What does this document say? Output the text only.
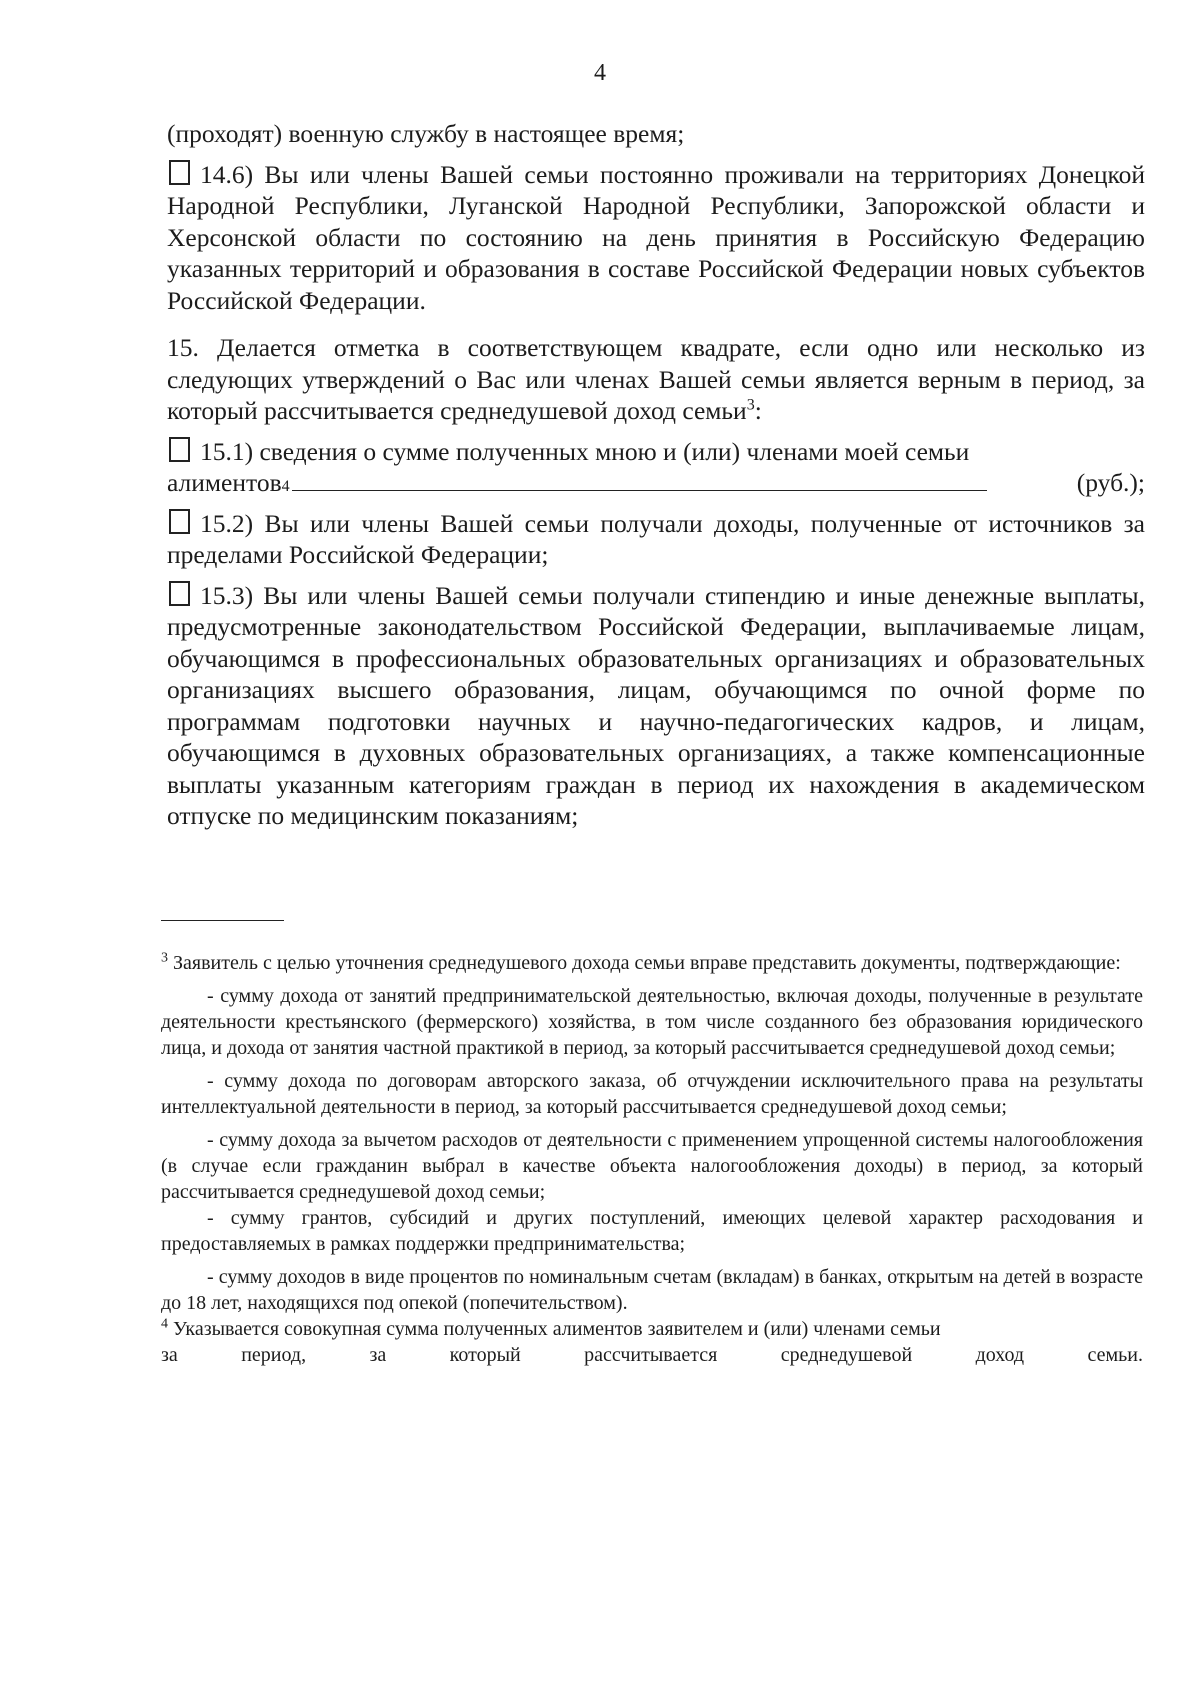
4

(проходят) военную службу в настоящее время;

14.6) Вы или члены Вашей семьи постоянно проживали на территориях Донецкой Народной Республики, Луганской Народной Республики, Запорожской области и Херсонской области по состоянию на день принятия в Российскую Федерацию указанных территорий и образования в составе Российской Федерации новых субъектов Российской Федерации.

15. Делается отметка в соответствующем квадрате, если одно или несколько из следующих утверждений о Вас или членах Вашей семьи является верным в период, за который рассчитывается среднедушевой доход семьи$^3$:

15.1) сведения о сумме полученных мною и (или) членами моей семьи

алиментов 4	(руб.);

15.2) Вы или члены Вашей семьи получали доходы, полученные от источников за пределами Российской Федерации;

15.3) Вы или члены Вашей семьи получали стипендию и иные денежные выплаты, предусмотренные законодательством Российской Федерации, выплачиваемые лицам, обучающимся в профессиональных образовательных организациях и образовательных организациях высшего образования, лицам, обучающимся по очной форме по программам подготовки научных и научно-педагогических кадров, и лицам, обучающимся в духовных образовательных организациях, а также компенсационные выплаты указанным категориям граждан в период их нахождения в академическом отпуске по медицинским показаниям;

$^3$ Заявитель с целью уточнения среднедушевого дохода семьи вправе представить документы, подтверждающие:

- сумму дохода от занятий предпринимательской деятельностью, включая доходы, полученные в результате деятельности крестьянского (фермерского) хозяйства, в том числе созданного без образования юридического лица, и дохода от занятия частной практикой в период, за который рассчитывается среднедушевой доход семьи;

- сумму дохода по договорам авторского заказа, об отчуждении исключительного права на результаты интеллектуальной деятельности в период, за который рассчитывается среднедушевой доход семьи;

- сумму дохода за вычетом расходов от деятельности с применением упрощенной системы налогообложения (в случае если гражданин выбрал в качестве объекта налогообложения доходы) в период, за который рассчитывается среднедушевой доход семьи;

- сумму грантов, субсидий и других поступлений, имеющих целевой характер расходования и предоставляемых в рамках поддержки предпринимательства;

- сумму доходов в виде процентов по номинальным счетам (вкладам) в банках, открытым на детей в возрасте до 18 лет, находящихся под опекой (попечительством).

$^4$ Указывается совокупная сумма полученных алиментов заявителем и (или) членами семьи

за	период,	за	который	рассчитывается	среднедушевой	доход	семьи.
